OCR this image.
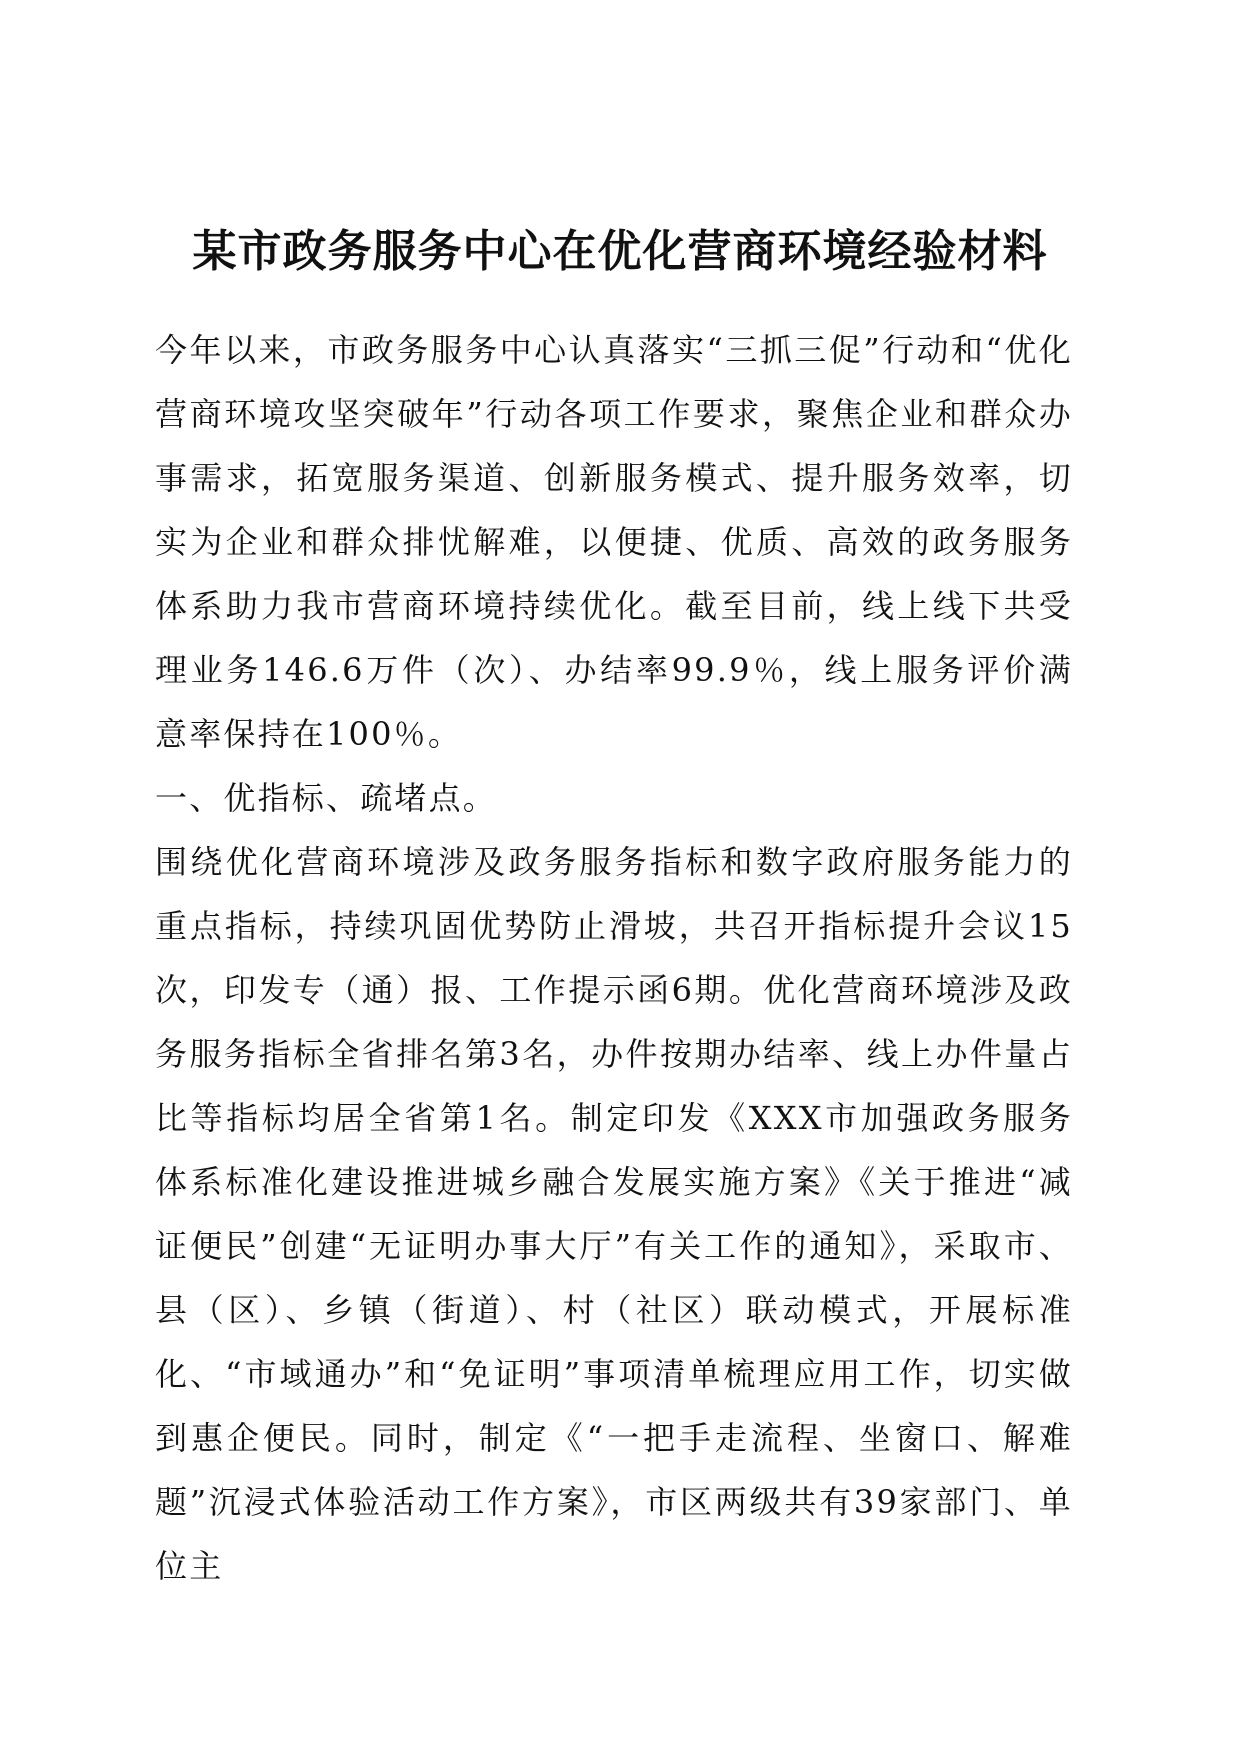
某市政务服务中心在优化营商环境经验材料

今年以来，市政务服务中心认真落实“三抓三促”行动和“优化营商环境攻坚突破年”行动各项工作要求，聚焦企业和群众办事需求，拓宽服务渠道、创新服务模式、提升服务效率，切实为企业和群众排忧解难，以便捷、优质、高效的政务服务体系助力我市营商环境持续优化。截至目前，线上线下共受理业务146.6万件（次）、办结率99.9％，线上服务评价满意率保持在100％。

一、优指标、疏堵点。

围绕优化营商环境涉及政务服务指标和数字政府服务能力的重点指标，持续巩固优势防止滑坡，共召开指标提升会议15次，印发专（通）报、工作提示函6期。优化营商环境涉及政务服务指标全省排名第3名，办件按期办结率、线上办件量占比等指标均居全省第1名。制定印发《XXX市加强政务服务体系标准化建设推进城乡融合发展实施方案》《关于推进“减证便民”创建“无证明办事大厅”有关工作的通知》，采取市、县（区）、乡镇（街道）、村（社区）联动模式，开展标准化、“市域通办”和“免证明”事项清单梳理应用工作，切实做到惠企便民。同时，制定《“一把手走流程、坐窗口、解难题”沉浸式体验活动工作方案》，市区两级共有39家部门、单位主
